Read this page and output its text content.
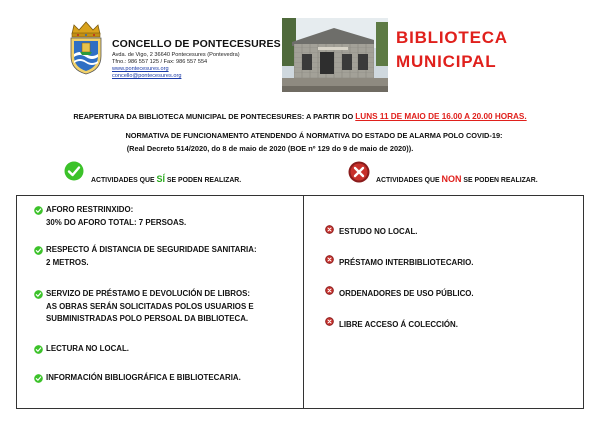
CONCELLO DE PONTECESURES
Avda. de Vigo, 2 36640 Pontecesures (Pontevedra)
Tfno.: 986 557 125 / Fax: 986 557 554
www.pontecesures.org
concello@pontecesures.org
BIBLIOTECA
MUNICIPAL
REAPERTURA DA BIBLIOTECA MUNICIPAL DE PONTECESURES: A PARTIR DO LUNS 11 DE MAIO DE 16.00 A 20.00 HORAS.
NORMATIVA DE FUNCIONAMENTO ATENDENDO Á NORMATIVA DO ESTADO DE ALARMA POLO COVID-19:
(Real Decreto 514/2020, do 8 de maio de 2020 (BOE nº 129 do 9 de maio de 2020)).
ACTIVIDADES QUE SÍ SE PODEN REALIZAR.	ACTIVIDADES QUE NON SE PODEN REALIZAR.
AFORO RESTRINXIDO:
30% DO AFORO TOTAL: 7 PERSOAS.
RESPECTO Á DISTANCIA DE SEGURIDADE SANITARIA:
2 METROS.
SERVIZO DE PRÉSTAMO E DEVOLUCIÓN DE LIBROS:
AS OBRAS SERÁN SOLICITADAS POLOS USUARIOS E
SUBMINISTRADAS POLO PERSOAL DA BIBLIOTECA.
LECTURA NO LOCAL.
INFORMACIÓN BIBLIOGRÁFICA E BIBLIOTECARIA.
ESTUDO NO LOCAL.
PRÉSTAMO INTERBIBLIOTECARIO.
ORDENADORES DE USO PÚBLICO.
LIBRE ACCESO Á COLECCIÓN.
